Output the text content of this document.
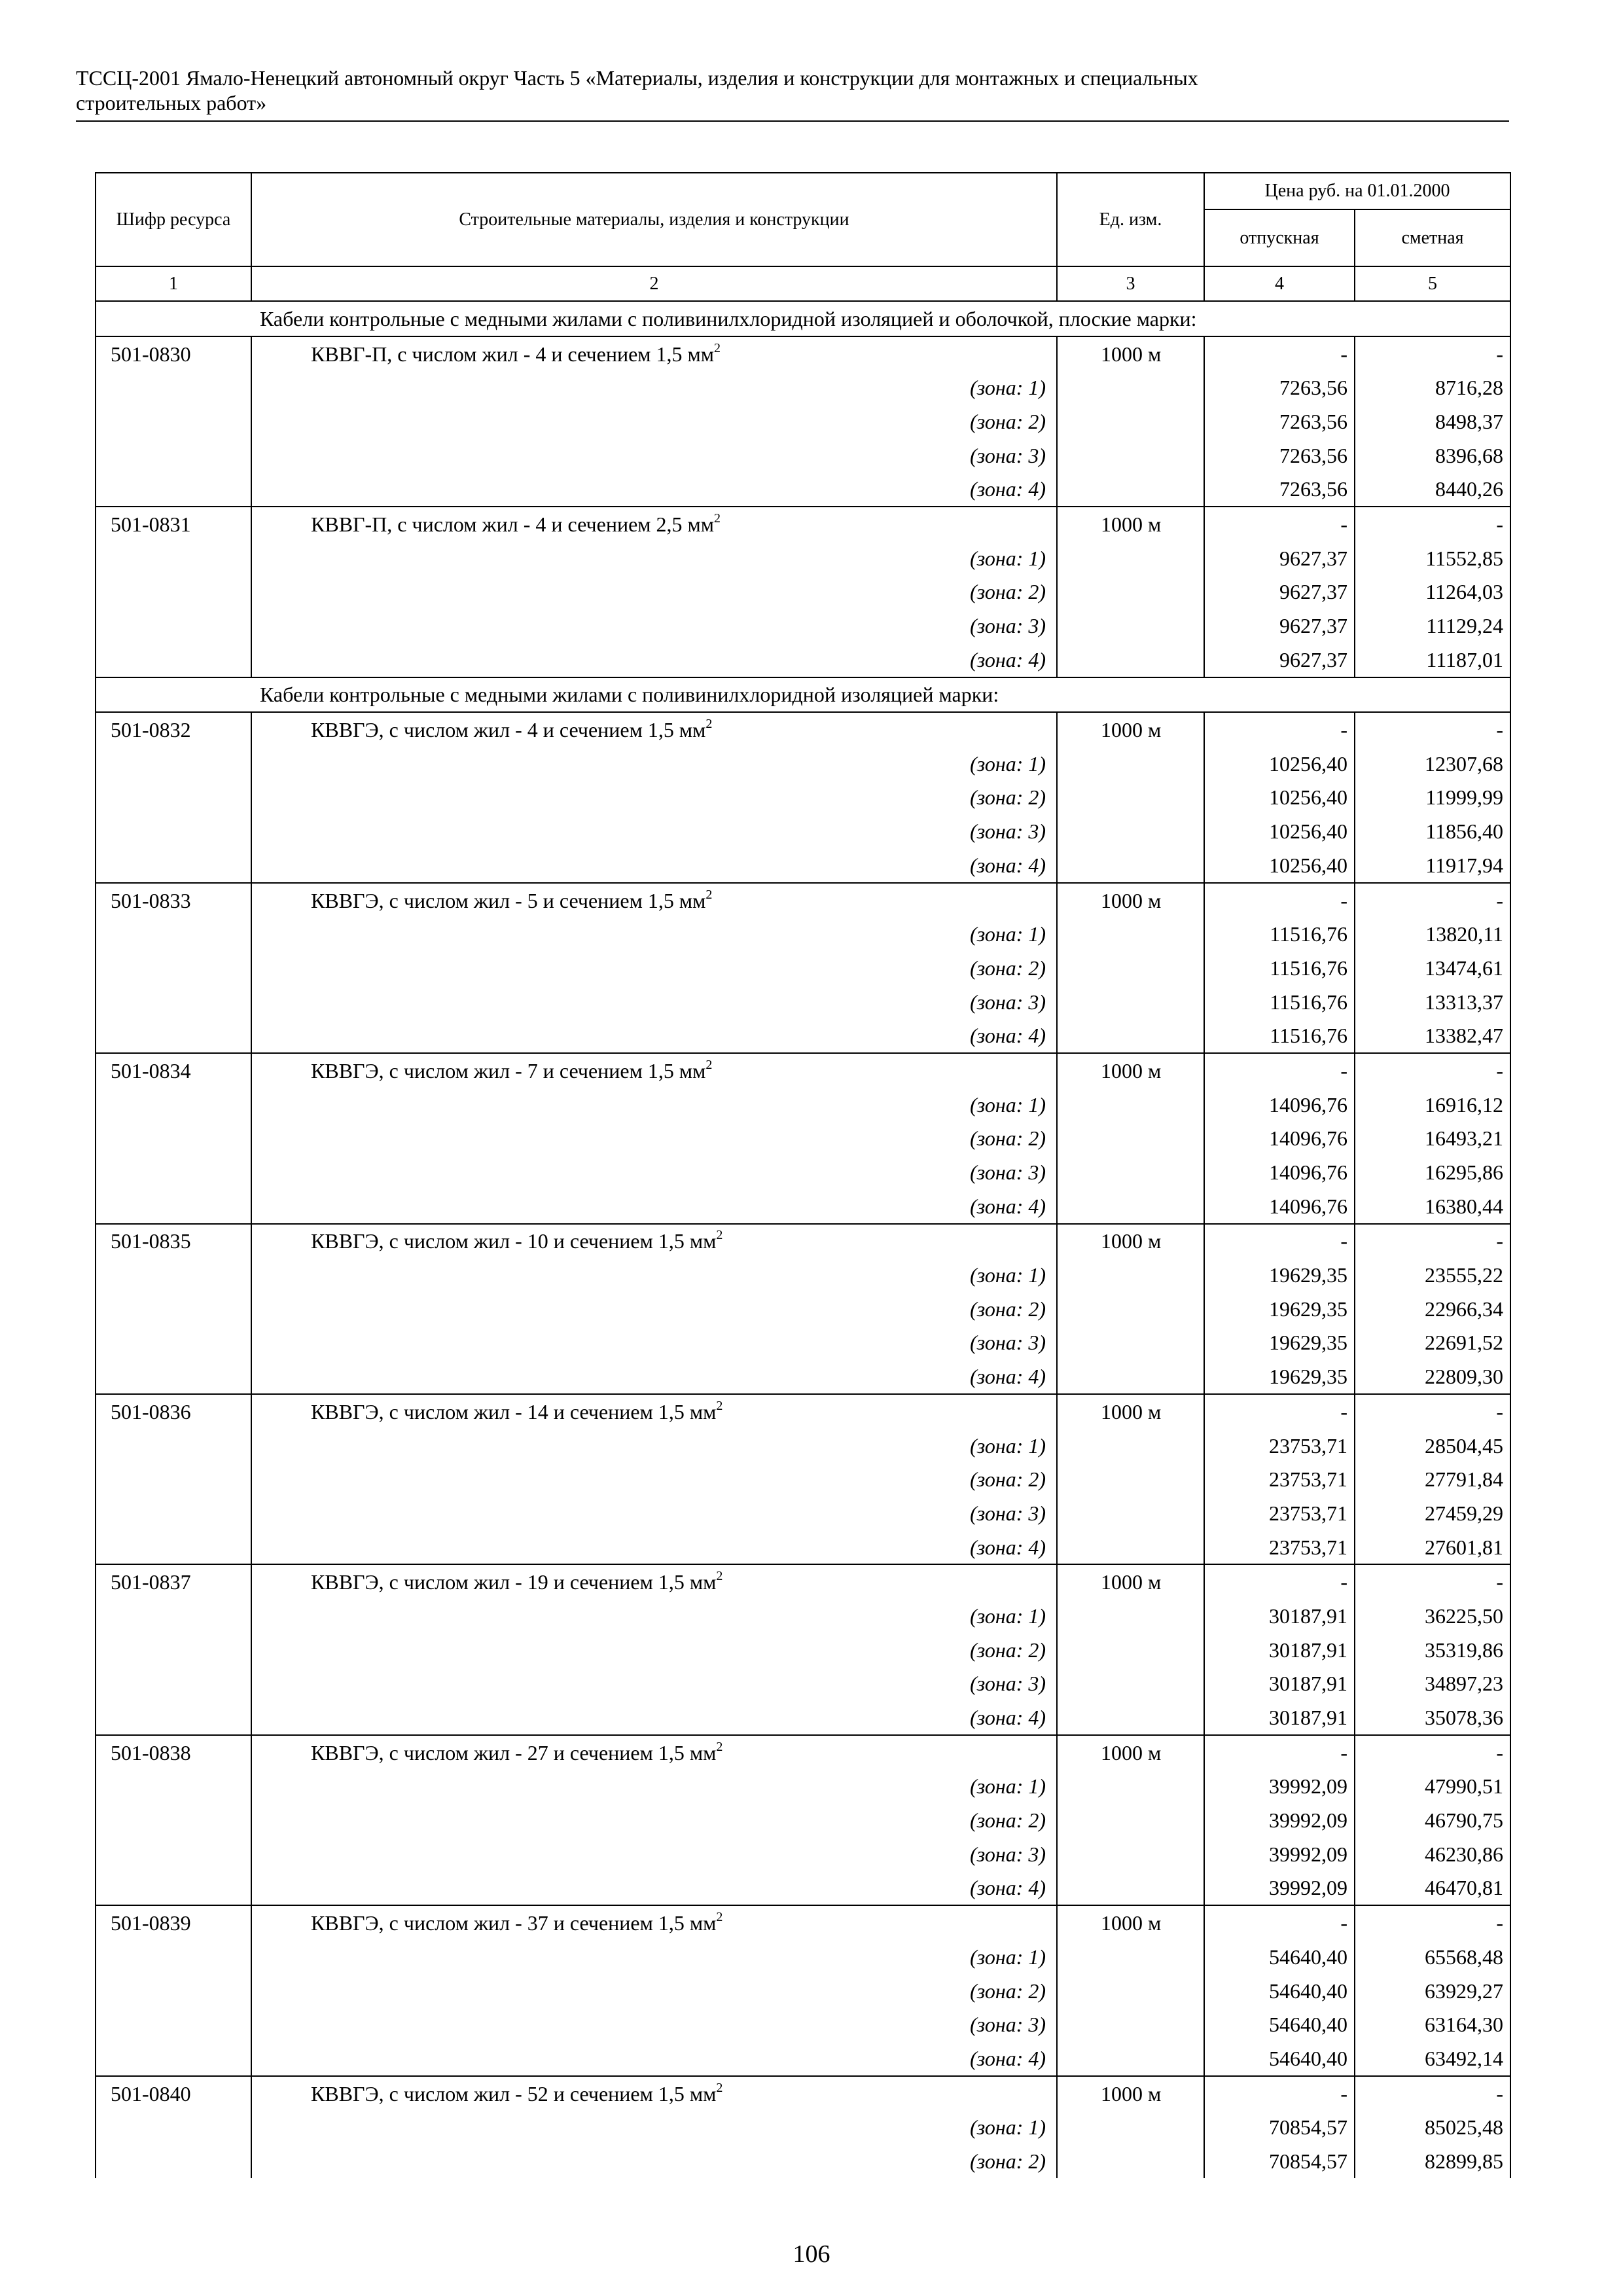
ТССЦ-2001 Ямало-Ненецкий автономный округ Часть 5 «Материалы, изделия и конструкции для монтажных и специальных
строительных работ»
Шифр ресурса	Строительные материалы, изделия и конструкции	Ед. изм.	Цена руб. на 01.01.2000	
			отпускная	сметная
1	2	3	4	5
Кабели контрольные с медными жилами с поливинилхлоридной изоляцией и оболочкой, плоские марки:				
501-0830	КВВГ-П, с числом жил - 4 и сечением 1,5 $мм^2$	1000 м	-	-
	(зона: 1)		7263,56	8716,28
	(зона: 2)		7263,56	8498,37
	(зона: 3)		7263,56	8396,68
	(зона: 4)		7263,56	8440,26
501-0831	КВВГ-П, с числом жил - 4 и сечением 2,5 $мм^2$	1000 м	-	-
	(зона: 1)		9627,37	11552,85
	(зона: 2)		9627,37	11264,03
	(зона: 3)		9627,37	11129,24
	(зона: 4)		9627,37	11187,01
Кабели контрольные с медными жилами с поливинилхлоридной изоляцией марки:				
501-0832	КВВГЭ, с числом жил - 4 и сечением 1,5 $мм^2$	1000 м	-	-
	(зона: 1)		10256,40	12307,68
	(зона: 2)		10256,40	11999,99
	(зона: 3)		10256,40	11856,40
	(зона: 4)		10256,40	11917,94
501-0833	КВВГЭ, с числом жил - 5 и сечением 1,5 $мм^2$	1000 м	-	-
	(зона: 1)		11516,76	13820,11
	(зона: 2)		11516,76	13474,61
	(зона: 3)		11516,76	13313,37
	(зона: 4)		11516,76	13382,47
501-0834	КВВГЭ, с числом жил - 7 и сечением 1,5 $мм^2$	1000 м	-	-
	(зона: 1)		14096,76	16916,12
	(зона: 2)		14096,76	16493,21
	(зона: 3)		14096,76	16295,86
	(зона: 4)		14096,76	16380,44
501-0835	КВВГЭ, с числом жил - 10 и сечением 1,5 $мм^2$	1000 м	-	-
	(зона: 1)		19629,35	23555,22
	(зона: 2)		19629,35	22966,34
	(зона: 3)		19629,35	22691,52
	(зона: 4)		19629,35	22809,30
501-0836	КВВГЭ, с числом жил - 14 и сечением 1,5 $мм^2$	1000 м	-	-
	(зона: 1)		23753,71	28504,45
	(зона: 2)		23753,71	27791,84
	(зона: 3)		23753,71	27459,29
	(зона: 4)		23753,71	27601,81
501-0837	КВВГЭ, с числом жил - 19 и сечением 1,5 $мм^2$	1000 м	-	-
	(зона: 1)		30187,91	36225,50
	(зона: 2)		30187,91	35319,86
	(зона: 3)		30187,91	34897,23
	(зона: 4)		30187,91	35078,36
501-0838	КВВГЭ, с числом жил - 27 и сечением 1,5 $мм^2$	1000 м	-	-
	(зона: 1)		39992,09	47990,51
	(зона: 2)		39992,09	46790,75
	(зона: 3)		39992,09	46230,86
	(зона: 4)		39992,09	46470,81
501-0839	КВВГЭ, с числом жил - 37 и сечением 1,5 $мм^2$	1000 м	-	-
	(зона: 1)		54640,40	65568,48
	(зона: 2)		54640,40	63929,27
	(зона: 3)		54640,40	63164,30
	(зона: 4)		54640,40	63492,14
501-0840	КВВГЭ, с числом жил - 52 и сечением 1,5 $мм^2$	1000 м	-	-
	(зона: 1)		70854,57	85025,48
	(зона: 2)		70854,57	82899,85
106
